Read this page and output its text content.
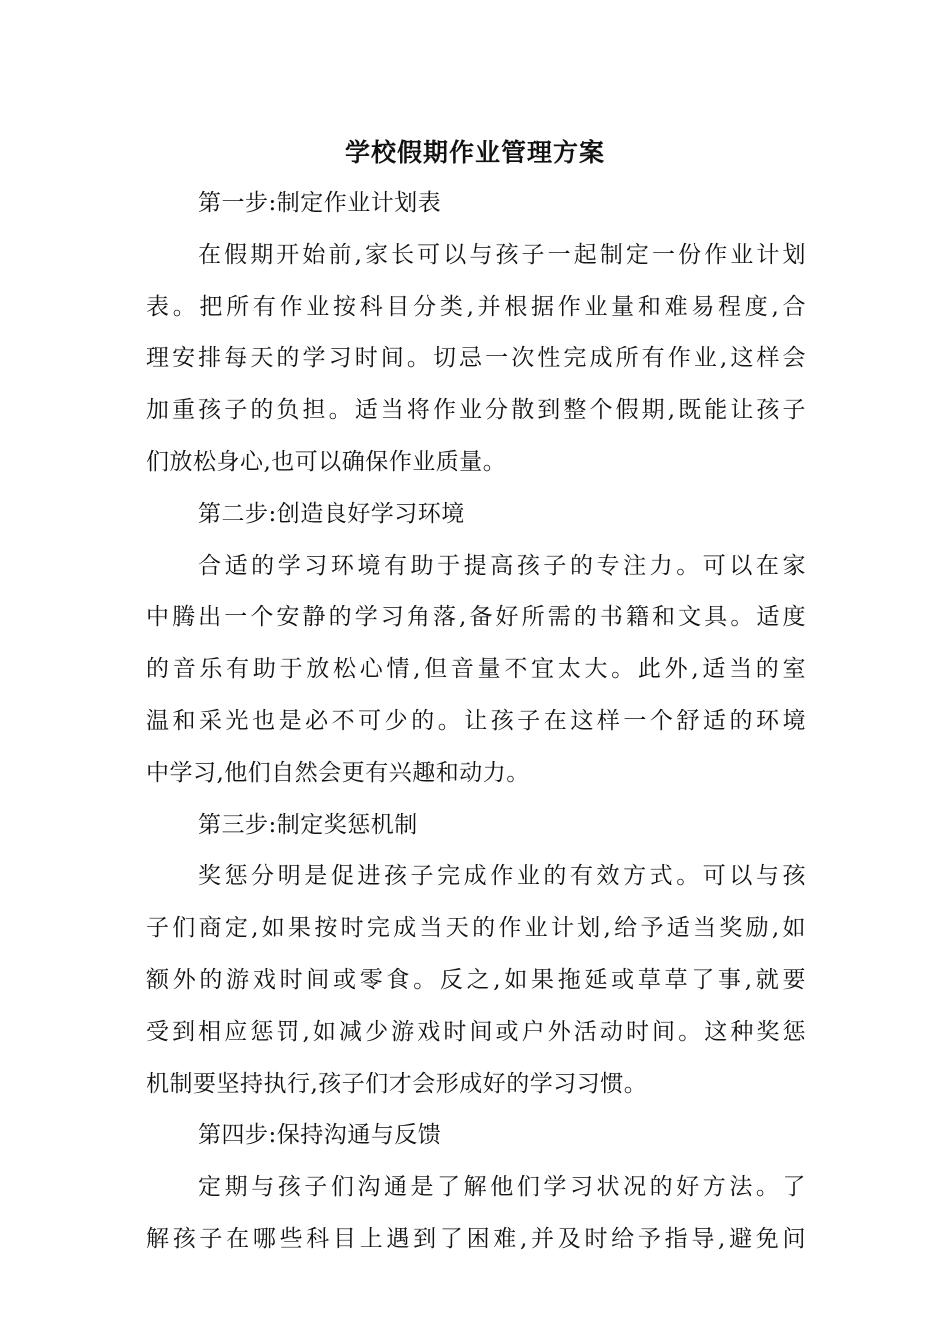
学校假期作业管理方案
第一步:制定作业计划表
在假期开始前,家长可以与孩子一起制定一份作业计划
表。把所有作业按科目分类,并根据作业量和难易程度,合
理安排每天的学习时间。切忌一次性完成所有作业,这样会
加重孩子的负担。适当将作业分散到整个假期,既能让孩子
们放松身心,也可以确保作业质量。
第二步:创造良好学习环境
合适的学习环境有助于提高孩子的专注力。可以在家
中腾出一个安静的学习角落,备好所需的书籍和文具。适度
的音乐有助于放松心情,但音量不宜太大。此外,适当的室
温和采光也是必不可少的。让孩子在这样一个舒适的环境
中学习,他们自然会更有兴趣和动力。
第三步:制定奖惩机制
奖惩分明是促进孩子完成作业的有效方式。可以与孩
子们商定,如果按时完成当天的作业计划,给予适当奖励,如
额外的游戏时间或零食。反之,如果拖延或草草了事,就要
受到相应惩罚,如减少游戏时间或户外活动时间。这种奖惩
机制要坚持执行,孩子们才会形成好的学习习惯。
第四步:保持沟通与反馈
定期与孩子们沟通是了解他们学习状况的好方法。了
解孩子在哪些科目上遇到了困难,并及时给予指导,避免问
